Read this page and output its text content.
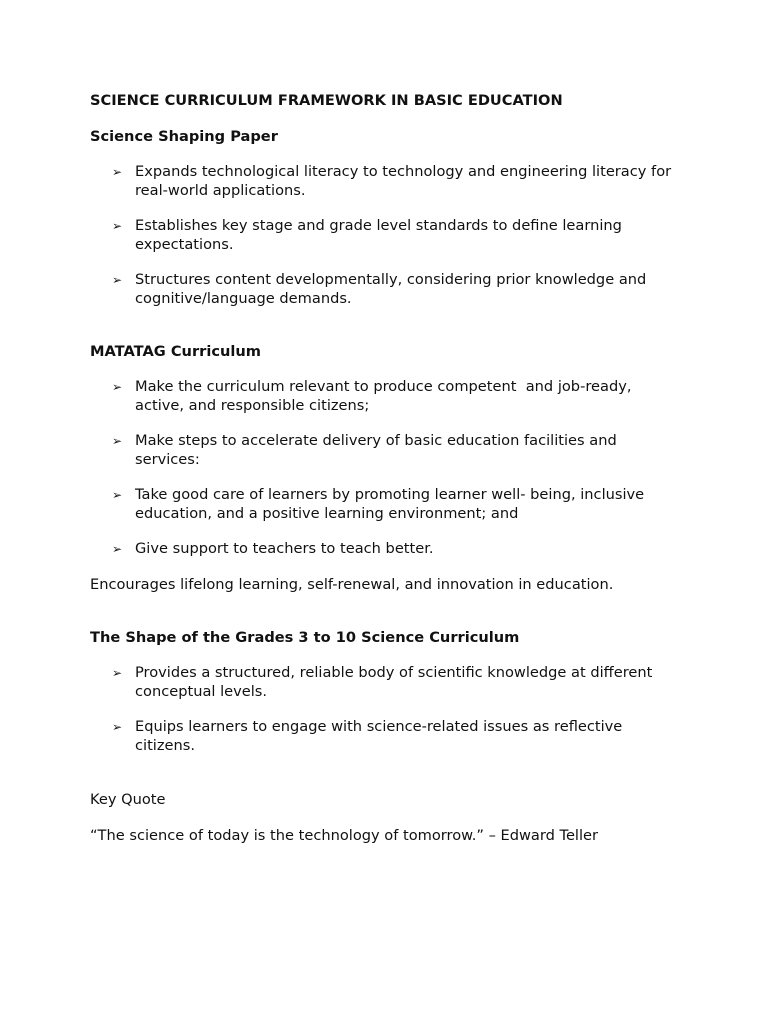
SCIENCE CURRICULUM FRAMEWORK IN BASIC EDUCATION

Science Shaping Paper

➢ Expands technological literacy to technology and engineering literacy for real-world applications.
➢ Establishes key stage and grade level standards to define learning expectations.
➢ Structures content developmentally, considering prior knowledge and cognitive/language demands.

MATATAG Curriculum

➢ Make the curriculum relevant to produce competent  and job-ready, active, and responsible citizens;
➢ Make steps to accelerate delivery of basic education facilities and services:
➢ Take good care of learners by promoting learner well- being, inclusive education, and a positive learning environment; and
➢ Give support to teachers to teach better.

Encourages lifelong learning, self-renewal, and innovation in education.

The Shape of the Grades 3 to 10 Science Curriculum

➢ Provides a structured, reliable body of scientific knowledge at different conceptual levels.
➢ Equips learners to engage with science-related issues as reflective citizens.

Key Quote

“The science of today is the technology of tomorrow.” – Edward Teller
